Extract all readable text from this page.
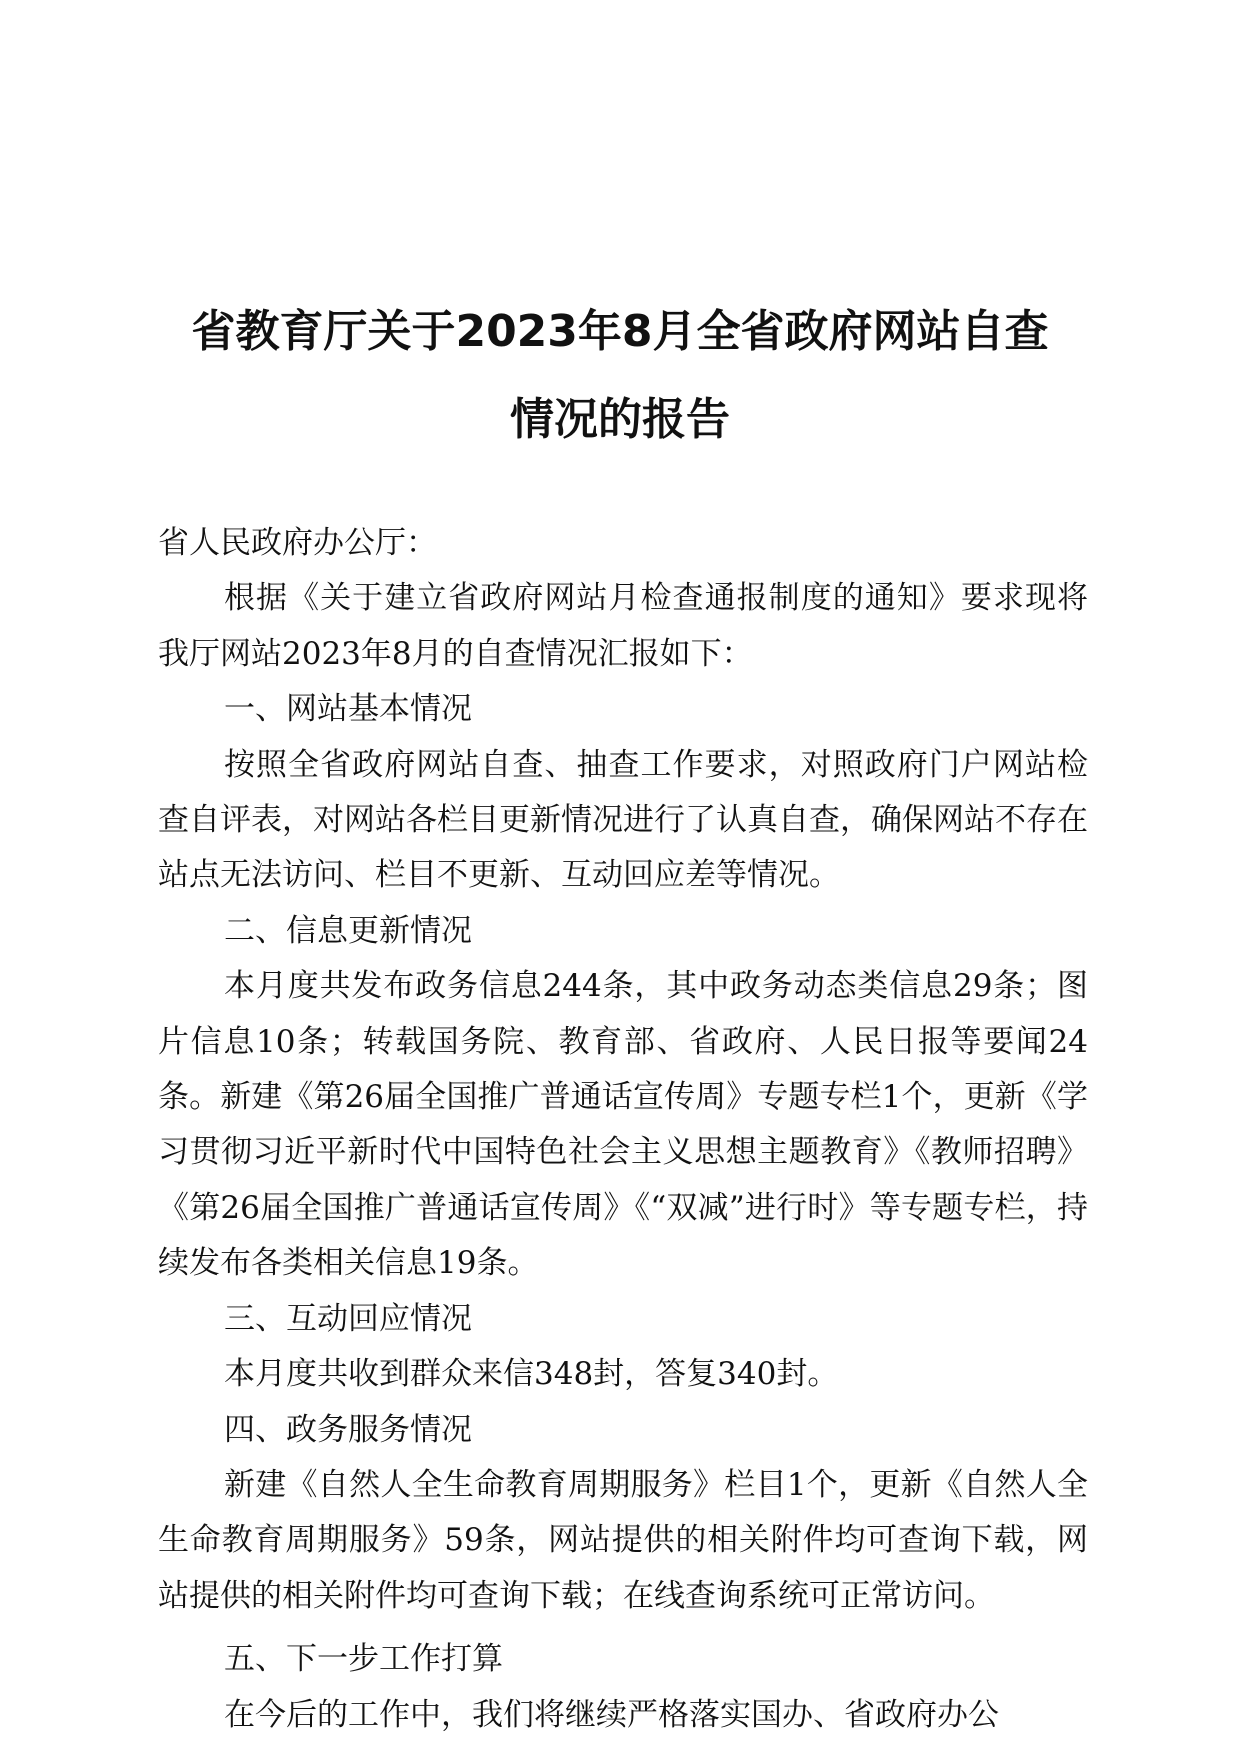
省教育厅关于2023年8月全省政府网站自查
情况的报告

省人民政府办公厅：

根据《关于建立省政府网站月检查通报制度的通知》要求现将我厅网站2023年8月的自查情况汇报如下：

一、网站基本情况

按照全省政府网站自查、抽查工作要求，对照政府门户网站检查自评表，对网站各栏目更新情况进行了认真自查，确保网站不存在站点无法访问、栏目不更新、互动回应差等情况。

二、信息更新情况

本月度共发布政务信息244条，其中政务动态类信息29条；图片信息10条；转载国务院、教育部、省政府、人民日报等要闻24条。新建《第26届全国推广普通话宣传周》专题专栏1个，更新《学习贯彻习近平新时代中国特色社会主义思想主题教育》《教师招聘》《第26届全国推广普通话宣传周》《“双减”进行时》等专题专栏，持续发布各类相关信息19条。

三、互动回应情况

本月度共收到群众来信348封，答复340封。

四、政务服务情况

新建《自然人全生命教育周期服务》栏目1个，更新《自然人全生命教育周期服务》59条，网站提供的相关附件均可查询下载，网站提供的相关附件均可查询下载；在线查询系统可正常访问。

五、下一步工作打算

在今后的工作中，我们将继续严格落实国办、省政府办公
